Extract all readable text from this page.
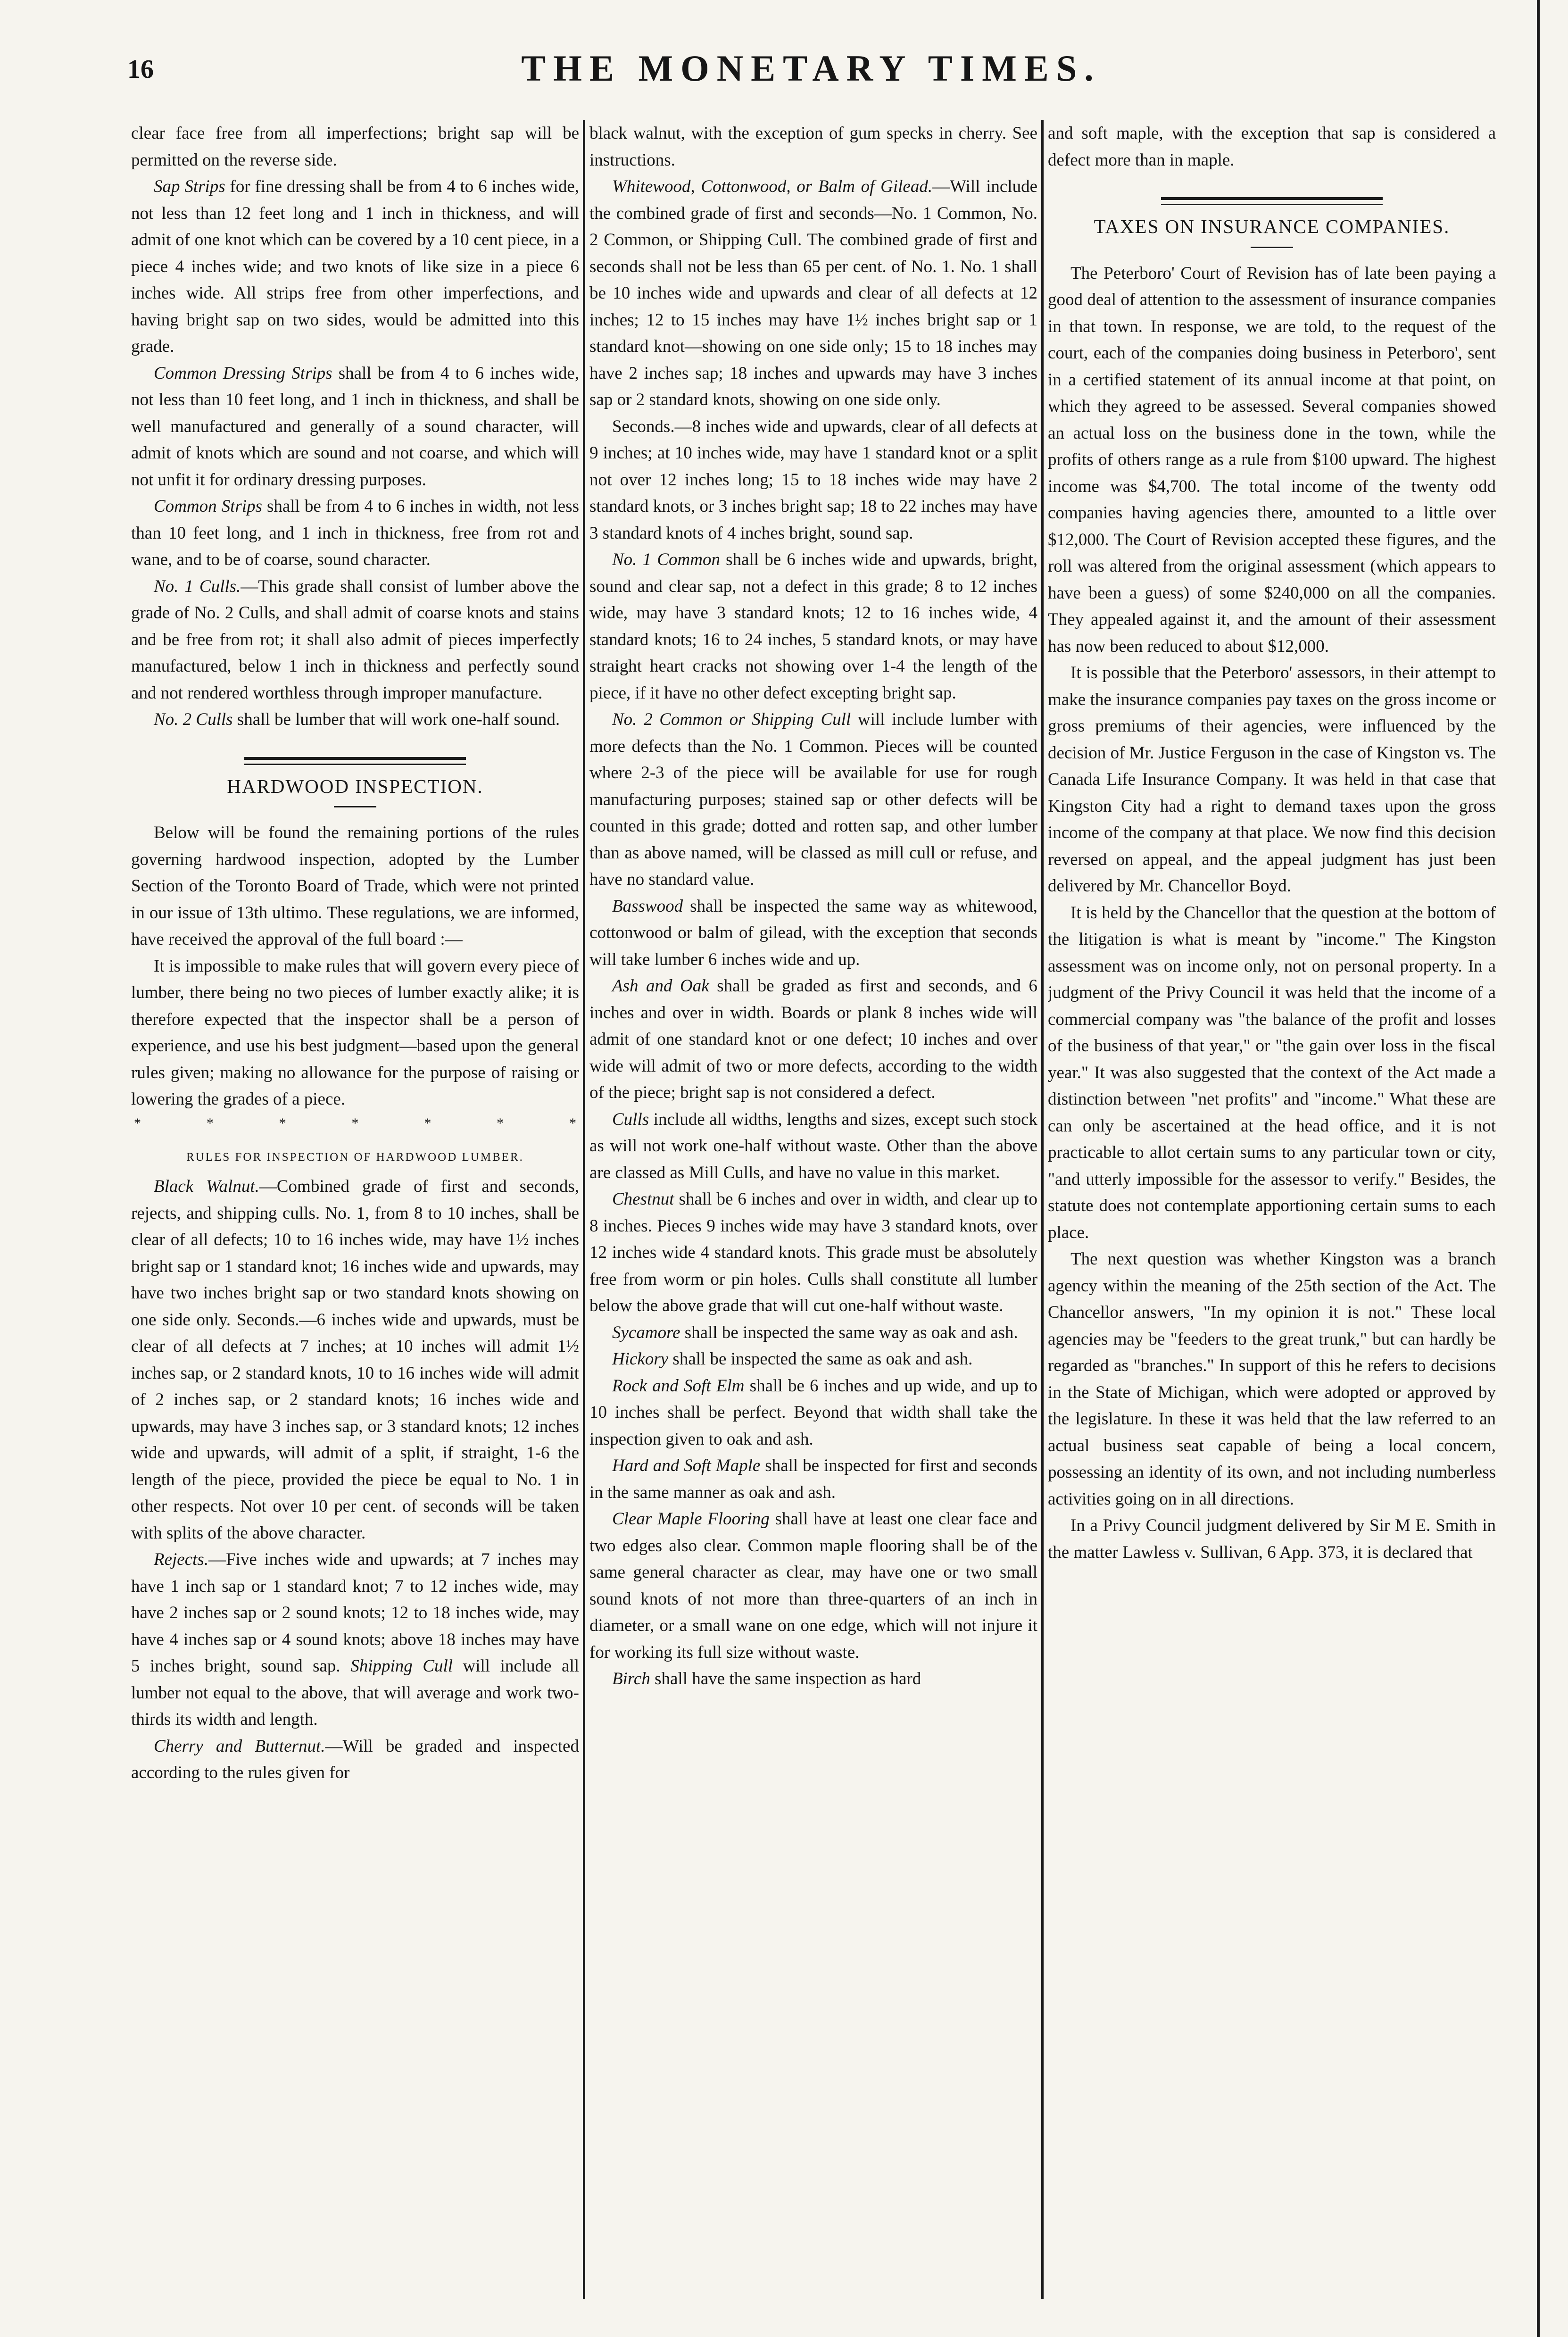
16	THE MONETARY TIMES.

clear face free from all imperfections; bright sap will be permitted on the reverse side.

Sap Strips for fine dressing shall be from 4 to 6 inches wide, not less than 12 feet long and 1 inch in thickness, and will admit of one knot which can be covered by a 10 cent piece, in a piece 4 inches wide; and two knots of like size in a piece 6 inches wide. All strips free from other imperfections, and having bright sap on two sides, would be admitted into this grade.

Common Dressing Strips shall be from 4 to 6 inches wide, not less than 10 feet long, and 1 inch in thickness, and shall be well manufactured and generally of a sound character, will admit of knots which are sound and not coarse, and which will not unfit it for ordinary dressing purposes.

Common Strips shall be from 4 to 6 inches in width, not less than 10 feet long, and 1 inch in thickness, free from rot and wane, and to be of coarse, sound character.

No. 1 Culls.—This grade shall consist of lumber above the grade of No. 2 Culls, and shall admit of coarse knots and stains and be free from rot; it shall also admit of pieces imperfectly manufactured, below 1 inch in thickness and perfectly sound and not rendered worthless through improper manufacture.

No. 2 Culls shall be lumber that will work one-half sound.

HARDWOOD INSPECTION.

Below will be found the remaining portions of the rules governing hardwood inspection, adopted by the Lumber Section of the Toronto Board of Trade, which were not printed in our issue of 13th ultimo. These regulations, we are informed, have received the approval of the full board :—

It is impossible to make rules that will govern every piece of lumber, there being no two pieces of lumber exactly alike; it is therefore expected that the inspector shall be a person of experience, and use his best judgment—based upon the general rules given; making no allowance for the purpose of raising or lowering the grades of a piece.

*	*	*	*	*	*	*
RULES FOR INSPECTION OF HARDWOOD LUMBER.

Black Walnut.—Combined grade of first and seconds, rejects, and shipping culls. No. 1, from 8 to 10 inches, shall be clear of all defects; 10 to 16 inches wide, may have 1½ inches bright sap or 1 standard knot; 16 inches wide and upwards, may have two inches bright sap or two standard knots showing on one side only. Seconds.—6 inches wide and upwards, must be clear of all defects at 7 inches; at 10 inches will admit 1½ inches sap, or 2 standard knots, 10 to 16 inches wide will admit of 2 inches sap, or 2 standard knots; 16 inches wide and upwards, may have 3 inches sap, or 3 standard knots; 12 inches wide and upwards, will admit of a split, if straight, 1-6 the length of the piece, provided the piece be equal to No. 1 in other respects. Not over 10 per cent. of seconds will be taken with splits of the above character.

Rejects.—Five inches wide and upwards; at 7 inches may have 1 inch sap or 1 standard knot; 7 to 12 inches wide, may have 2 inches sap or 2 sound knots; 12 to 18 inches wide, may have 4 inches sap or 4 sound knots; above 18 inches may have 5 inches bright, sound sap. Shipping Cull will include all lumber not equal to the above, that will average and work two-thirds its width and length.

Cherry and Butternut.—Will be graded and inspected according to the rules given for

black walnut, with the exception of gum specks in cherry. See instructions.

Whitewood, Cottonwood, or Balm of Gilead.—Will include the combined grade of first and seconds—No. 1 Common, No. 2 Common, or Shipping Cull. The combined grade of first and seconds shall not be less than 65 per cent. of No. 1. No. 1 shall be 10 inches wide and upwards and clear of all defects at 12 inches; 12 to 15 inches may have 1½ inches bright sap or 1 standard knot—showing on one side only; 15 to 18 inches may have 2 inches sap; 18 inches and upwards may have 3 inches sap or 2 standard knots, showing on one side only.

Seconds.—8 inches wide and upwards, clear of all defects at 9 inches; at 10 inches wide, may have 1 standard knot or a split not over 12 inches long; 15 to 18 inches wide may have 2 standard knots, or 3 inches bright sap; 18 to 22 inches may have 3 standard knots of 4 inches bright, sound sap.

No. 1 Common shall be 6 inches wide and upwards, bright, sound and clear sap, not a defect in this grade; 8 to 12 inches wide, may have 3 standard knots; 12 to 16 inches wide, 4 standard knots; 16 to 24 inches, 5 standard knots, or may have straight heart cracks not showing over 1-4 the length of the piece, if it have no other defect excepting bright sap.

No. 2 Common or Shipping Cull will include lumber with more defects than the No. 1 Common. Pieces will be counted where 2-3 of the piece will be available for use for rough manufacturing purposes; stained sap or other defects will be counted in this grade; dotted and rotten sap, and other lumber than as above named, will be classed as mill cull or refuse, and have no standard value.

Basswood shall be inspected the same way as whitewood, cottonwood or balm of gilead, with the exception that seconds will take lumber 6 inches wide and up.

Ash and Oak shall be graded as first and seconds, and 6 inches and over in width. Boards or plank 8 inches wide will admit of one standard knot or one defect; 10 inches and over wide will admit of two or more defects, according to the width of the piece; bright sap is not considered a defect.

Culls include all widths, lengths and sizes, except such stock as will not work one-half without waste. Other than the above are classed as Mill Culls, and have no value in this market.

Chestnut shall be 6 inches and over in width, and clear up to 8 inches. Pieces 9 inches wide may have 3 standard knots, over 12 inches wide 4 standard knots. This grade must be absolutely free from worm or pin holes. Culls shall constitute all lumber below the above grade that will cut one-half without waste.

Sycamore shall be inspected the same way as oak and ash.

Hickory shall be inspected the same as oak and ash.

Rock and Soft Elm shall be 6 inches and up wide, and up to 10 inches shall be perfect. Beyond that width shall take the inspection given to oak and ash.

Hard and Soft Maple shall be inspected for first and seconds in the same manner as oak and ash.

Clear Maple Flooring shall have at least one clear face and two edges also clear. Common maple flooring shall be of the same general character as clear, may have one or two small sound knots of not more than three-quarters of an inch in diameter, or a small wane on one edge, which will not injure it for working its full size without waste.

Birch shall have the same inspection as hard

and soft maple, with the exception that sap is considered a defect more than in maple.

TAXES ON INSURANCE COMPANIES.

The Peterboro' Court of Revision has of late been paying a good deal of attention to the assessment of insurance companies in that town. In response, we are told, to the request of the court, each of the companies doing business in Peterboro', sent in a certified statement of its annual income at that point, on which they agreed to be assessed. Several companies showed an actual loss on the business done in the town, while the profits of others range as a rule from $100 upward. The highest income was $4,700. The total income of the twenty odd companies having agencies there, amounted to a little over $12,000. The Court of Revision accepted these figures, and the roll was altered from the original assessment (which appears to have been a guess) of some $240,000 on all the companies. They appealed against it, and the amount of their assessment has now been reduced to about $12,000.

It is possible that the Peterboro' assessors, in their attempt to make the insurance companies pay taxes on the gross income or gross premiums of their agencies, were influenced by the decision of Mr. Justice Ferguson in the case of Kingston vs. The Canada Life Insurance Company. It was held in that case that Kingston City had a right to demand taxes upon the gross income of the company at that place. We now find this decision reversed on appeal, and the appeal judgment has just been delivered by Mr. Chancellor Boyd.

It is held by the Chancellor that the question at the bottom of the litigation is what is meant by "income." The Kingston assessment was on income only, not on personal property. In a judgment of the Privy Council it was held that the income of a commercial company was "the balance of the profit and losses of the business of that year," or "the gain over loss in the fiscal year." It was also suggested that the context of the Act made a distinction between "net profits" and "income." What these are can only be ascertained at the head office, and it is not practicable to allot certain sums to any particular town or city, "and utterly impossible for the assessor to verify." Besides, the statute does not contemplate apportioning certain sums to each place.

The next question was whether Kingston was a branch agency within the meaning of the 25th section of the Act. The Chancellor answers, "In my opinion it is not." These local agencies may be "feeders to the great trunk," but can hardly be regarded as "branches." In support of this he refers to decisions in the State of Michigan, which were adopted or approved by the legislature. In these it was held that the law referred to an actual business seat capable of being a local concern, possessing an identity of its own, and not including numberless activities going on in all directions.

In a Privy Council judgment delivered by Sir M E. Smith in the matter Lawless v. Sullivan, 6 App. 373, it is declared that
